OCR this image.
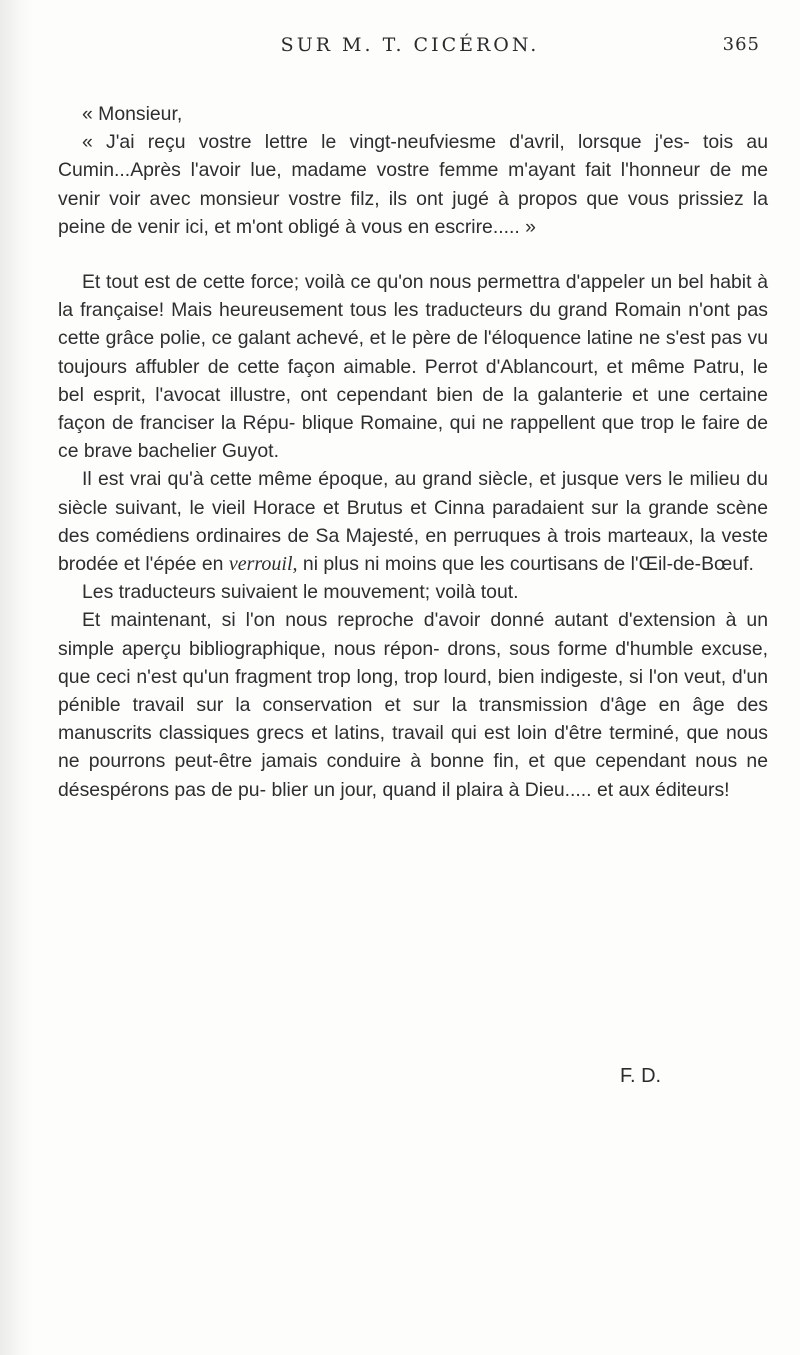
SUR M. T. CICÉRON.	365

« Monsieur,

« J'ai reçu vostre lettre le vingt-neufviesme d'avril, lorsque j'es- tois au Cumin...Après l'avoir lue, madame vostre femme m'ayant fait l'honneur de me venir voir avec monsieur vostre filz, ils ont jugé à propos que vous prissiez la peine de venir ici, et m'ont obligé à vous en escrire..... »

Et tout est de cette force; voilà ce qu'on nous permettra d'appeler un bel habit à la française! Mais heureusement tous les traducteurs du grand Romain n'ont pas cette grâce polie, ce galant achevé, et le père de l'éloquence latine ne s'est pas vu toujours affubler de cette façon aimable. Perrot d'Ablancourt, et même Patru, le bel esprit, l'avocat illustre, ont cependant bien de la galanterie et une certaine façon de franciser la Répu- blique Romaine, qui ne rappellent que trop le faire de ce brave bachelier Guyot.

Il est vrai qu'à cette même époque, au grand siècle, et jusque vers le milieu du siècle suivant, le vieil Horace et Brutus et Cinna paradaient sur la grande scène des comédiens ordinaires de Sa Majesté, en perruques à trois marteaux, la veste brodée et l'épée en verrouil, ni plus ni moins que les courtisans de l'Œil-de-Bœuf.

Les traducteurs suivaient le mouvement; voilà tout.

Et maintenant, si l'on nous reproche d'avoir donné autant d'extension à un simple aperçu bibliographique, nous répon- drons, sous forme d'humble excuse, que ceci n'est qu'un fragment trop long, trop lourd, bien indigeste, si l'on veut, d'un pénible travail sur la conservation et sur la transmission d'âge en âge des manuscrits classiques grecs et latins, travail qui est loin d'être terminé, que nous ne pourrons peut-être jamais conduire à bonne fin, et que cependant nous ne désespérons pas de pu- blier un jour, quand il plaira à Dieu..... et aux éditeurs!

F. D.
